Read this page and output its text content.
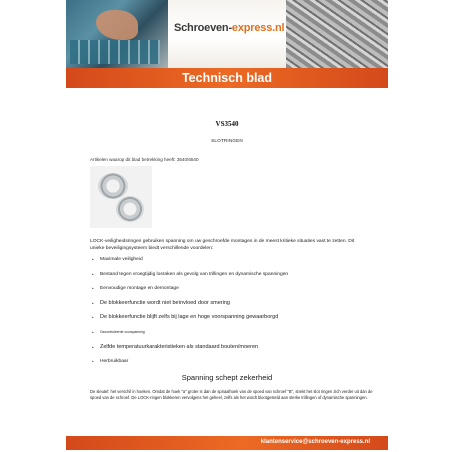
Schroeven-express.nl
Technisch blad
VS3540
SLOTRINGEN
Artikelen waarop dit blad betrekking heeft: 3540/6540

LOCK-veiligheidsringen gebruiken spanning om uw geschroefde montages in de meest kritieke situaties vast te zetten. Dit unieke beveiligingsysteem biedt verschillende voordelen:

• Maximale veiligheid
• Bestand tegen vroegtijdig losraken als gevolg van trillingen en dynamische spanningen
• Eenvoudige montage en demontage
• De blokkeerfunctie wordt niet beïnvloed door smering
• De blokkeerfunctie blijft zelfs bij lage en hoge voorspanning gewaarborgd
• Gecontroleerde voorspanning
• Zelfde temperatuurkarakteristieken als standaard bouten/moeren
• Herbruikbaar
Spanning schept zekerheid

De sleutel: het verschil in hoeken. Omdat de hoek "a" groter is dan de spiraalhoek van de spoed van schroef "B", strekt het slot ringen zich verder uit dan de spoed van de schroef. De LOCK-ringen blokkeren vervolgens het geheel, zelfs als het wordt blootgesteld aan sterke trillingen of dynamische spanningen.

klantenservice@schroeven-express.nl
